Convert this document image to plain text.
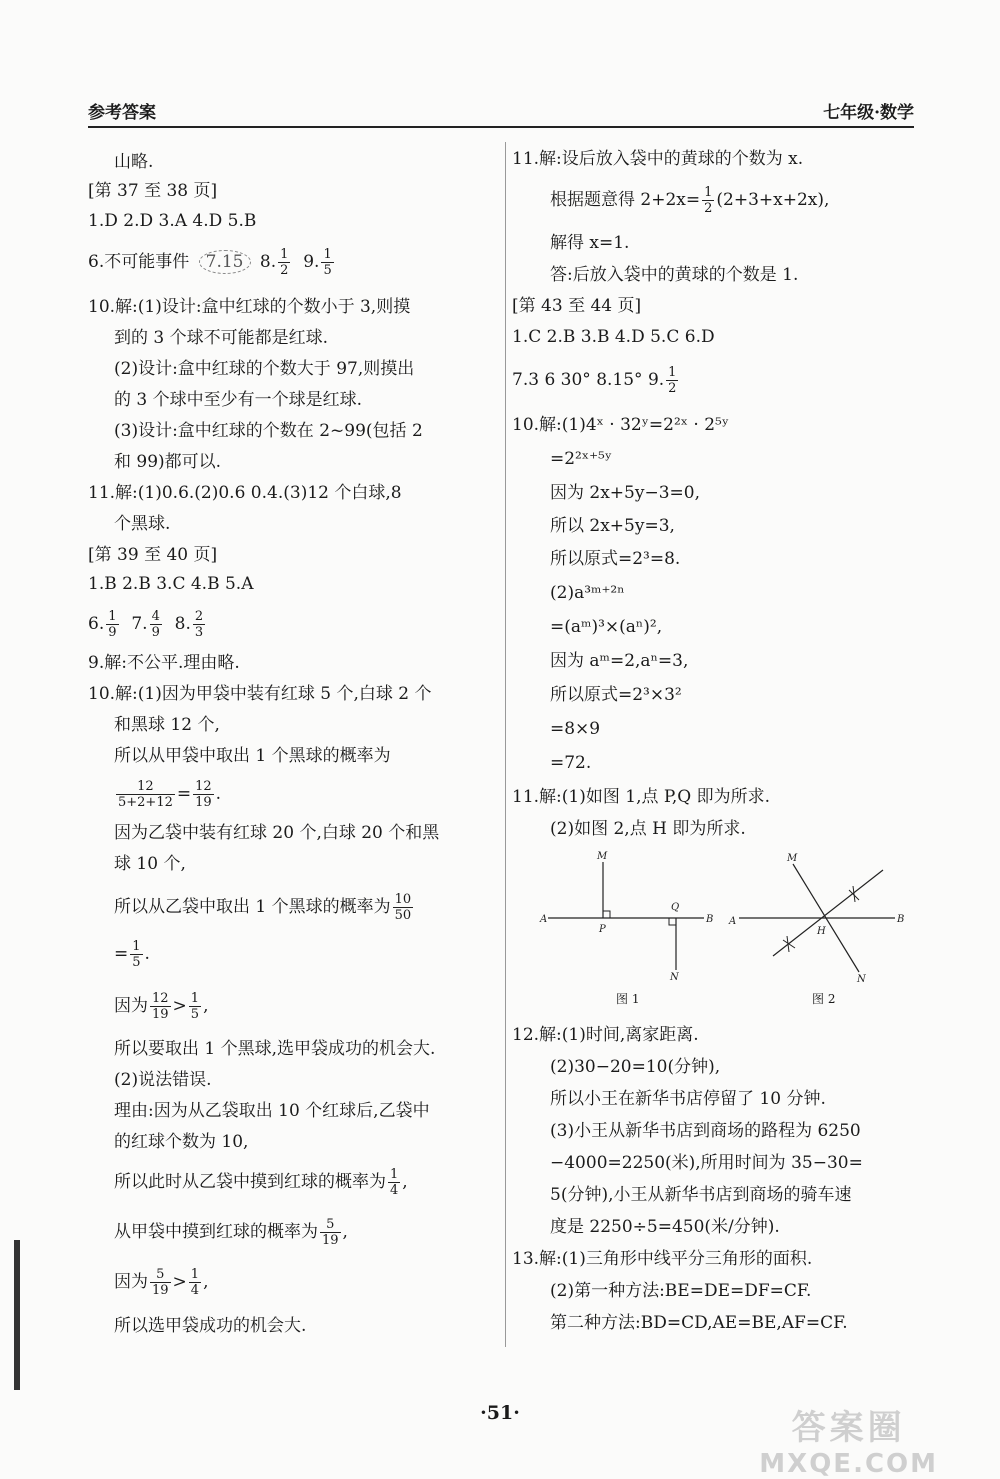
参考答案	七年级·数学
山略.
[第 37 至 38 页]
1.D 2.D 3.A 4.D 5.B
6.不可能事件 7.15 8. $\frac{1}{2} 9$. $\frac{1}{5}$
10.解:(1)设计:盒中红球的个数小于 3,则摸
到的 3 个球不可能都是红球.
(2)设计:盒中红球的个数大于 97,则摸出
的 3 个球中至少有一个球是红球.
(3)设计:盒中红球的个数在 2~99(包括 2
和 99)都可以.
11.解:(1)0.6.(2)0.6 0.4.(3)12 个白球,8
个黑球.
[第 39 至 40 页]
1.B 2.B 3.C 4.B 5.A
6. $\frac{1}{9} 7$. $\frac{4}{9} 8$. $\frac{2}{3}$
9.解:不公平.理由略.
10.解:(1)因为甲袋中装有红球 5 个,白球 2 个
和黑球 12 个,
所以从甲袋中取出 1 个黑球的概率为
$\frac{12}{5+2+12} = \frac{12}{19}$ .
因为乙袋中装有红球 20 个,白球 20 个和黑
球 10 个,
所以从乙袋中取出 1 个黑球的概率为 $\frac{10}{50}$
= $\frac{1}{5}$ .
因为 $\frac{12}{19} > \frac{1}{5}$ ,
所以要取出 1 个黑球,选甲袋成功的机会大.
(2)说法错误.
理由:因为从乙袋取出 10 个红球后,乙袋中
的红球个数为 10,
所以此时从乙袋中摸到红球的概率为 $\frac{1}{4}$ ,
从甲袋中摸到红球的概率为 $\frac{5}{19}$ ,
因为 $\frac{5}{19} > \frac{1}{4}$ ,
所以选甲袋成功的机会大.
11.解:设后放入袋中的黄球的个数为 x.
根据题意得 $2+2x= \frac{1}{2} (2+3+x+2x)$,
解得 x=1.
答:后放入袋中的黄球的个数是 1.
[第 43 至 44 页]
1.C 2.B 3.B 4.D 5.C 6.D
7.3 6 30° 8.15° 9. $\frac{1}{2}$
10.解:(1)4ˣ · 32ʸ=2²ˣ · 2⁵ʸ
=2²ˣ⁺⁵ʸ
因为 2x+5y−3=0,
所以 2x+5y=3,
所以原式=2³=8.
(2)a³ᵐ⁺²ⁿ
=(aᵐ)³×(aⁿ)²,
因为 aᵐ=2,aⁿ=3,
所以原式=2³×3²
=8×9
=72.
11.解:(1)如图 1,点 P,Q 即为所求.
(2)如图 2,点 H 即为所求.
M
A
P
Q
B
N
图 1
M
A
H
B
N
图 2
12.解:(1)时间,离家距离.
(2)30−20=10(分钟),
所以小王在新华书店停留了 10 分钟.
(3)小王从新华书店到商场的路程为 6250
−4000=2250(米),所用时间为 35−30=
5(分钟),小王从新华书店到商场的骑车速
度是 2250÷5=450(米/分钟).
13.解:(1)三角形中线平分三角形的面积.
(2)第一种方法:BE=DE=DF=CF.
第二种方法:BD=CD,AE=BE,AF=CF.
·51·	答案圈
MXQE.COM
